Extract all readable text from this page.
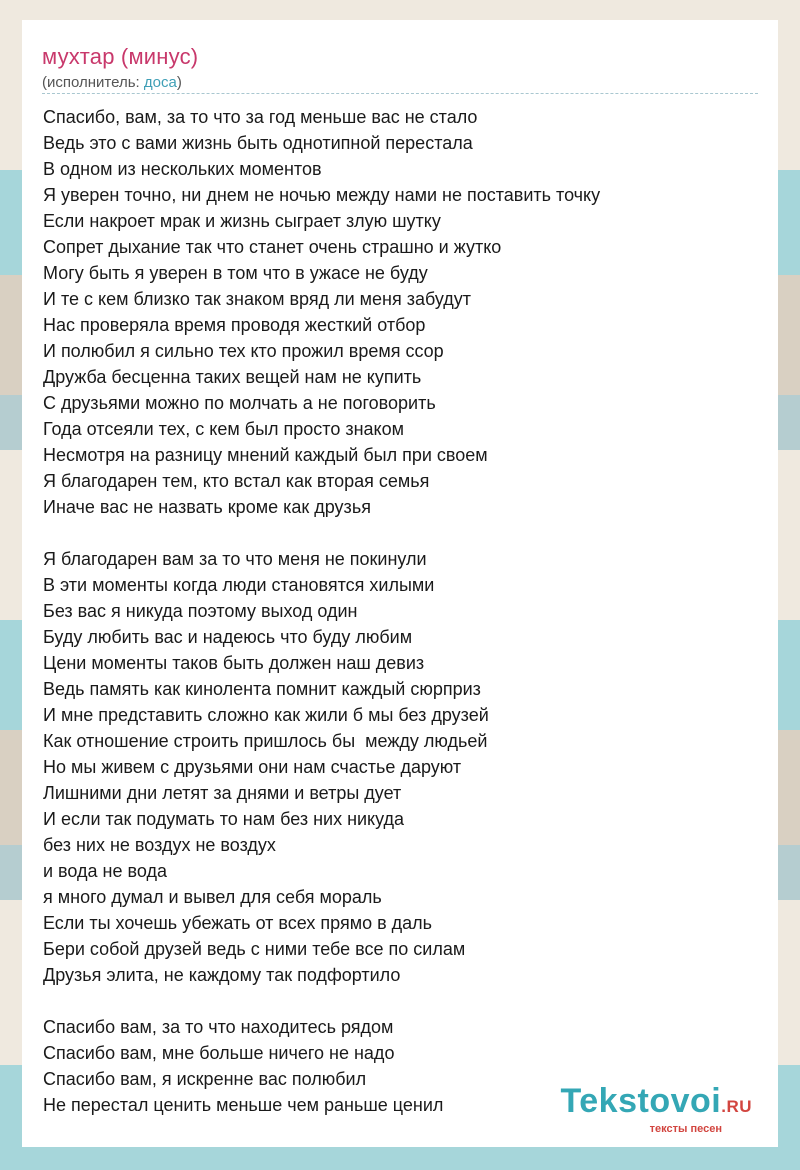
мухтар (минус)
(исполнитель: доса)
Спасибо, вам, за то что за год меньше вас не стало
Ведь это с вами жизнь быть однотипной перестала
В одном из нескольких моментов
Я уверен точно, ни днем не ночью между нами не поставить точку
Если накроет мрак и жизнь сыграет злую шутку
Сопрет дыхание так что станет очень страшно и жутко
Могу быть я уверен в том что в ужасе не буду
И те с кем близко так знаком вряд ли меня забудут
Нас проверяла время проводя жесткий отбор
И полюбил я сильно тех кто прожил время ссор
Дружба бесценна таких вещей нам не купить
С друзьями можно по молчать а не поговорить
Года отсеяли тех, с кем был просто знаком
Несмотря на разницу мнений каждый был при своем
Я благодарен тем, кто встал как вторая семья
Иначе вас не назвать кроме как друзья
Я благодарен вам за то что меня не покинули
В эти моменты когда люди становятся хилыми
Без вас я никуда поэтому выход один
Буду любить вас и надеюсь что буду любим
Цени моменты таков быть должен наш девиз
Ведь память как кинолента помнит каждый сюрприз
И мне представить сложно как жили б мы без друзей
Как отношение строить пришлось бы  между людьей
Но мы живем с друзьями они нам счастье даруют
Лишними дни летят за днями и ветры дует
И если так подумать то нам без них никуда
без них не воздух не воздух
и вода не вода
я много думал и вывел для себя мораль
Если ты хочешь убежать от всех прямо в даль
Бери собой друзей ведь с ними тебе все по силам
Друзья элита, не каждому так подфортило
Спасибо вам, за то что находитесь рядом
Спасибо вам, мне больше ничего не надо
Спасибо вам, я искренне вас полюбил
Не перестал ценить меньше чем раньше ценил	Tekstovoi.RU
тексты песен
